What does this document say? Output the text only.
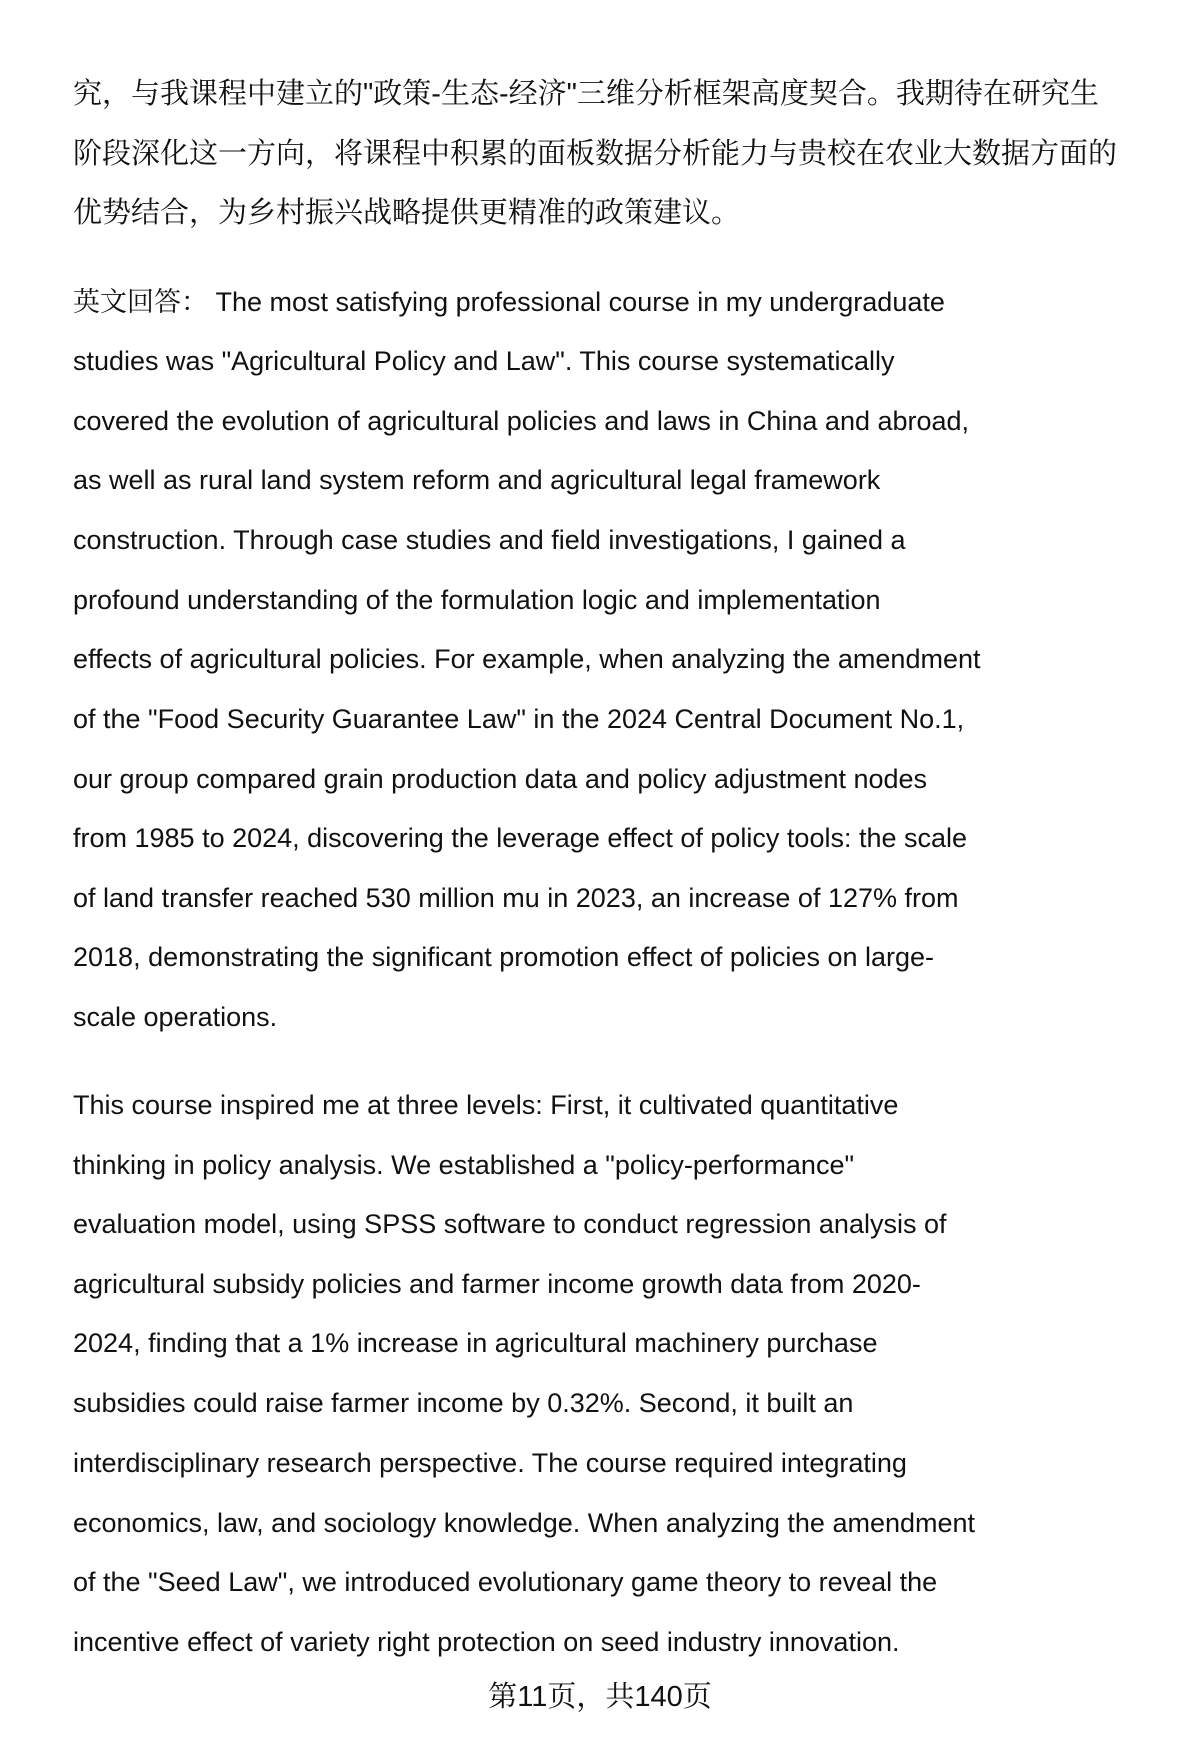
究，与我课程中建立的"政策-生态-经济"三维分析框架高度契合。我期待在研究生
阶段深化这一方向，将课程中积累的面板数据分析能力与贵校在农业大数据方面的
优势结合，为乡村振兴战略提供更精准的政策建议。
英文回答： The most satisfying professional course in my undergraduate
studies was "Agricultural Policy and Law". This course systematically
covered the evolution of agricultural policies and laws in China and abroad,
as well as rural land system reform and agricultural legal framework
construction. Through case studies and field investigations, I gained a
profound understanding of the formulation logic and implementation
effects of agricultural policies. For example, when analyzing the amendment
of the "Food Security Guarantee Law" in the 2024 Central Document No.1,
our group compared grain production data and policy adjustment nodes
from 1985 to 2024, discovering the leverage effect of policy tools: the scale
of land transfer reached 530 million mu in 2023, an increase of 127% from
2018, demonstrating the significant promotion effect of policies on large-
scale operations.
This course inspired me at three levels: First, it cultivated quantitative
thinking in policy analysis. We established a "policy-performance"
evaluation model, using SPSS software to conduct regression analysis of
agricultural subsidy policies and farmer income growth data from 2020-
2024, finding that a 1% increase in agricultural machinery purchase
subsidies could raise farmer income by 0.32%. Second, it built an
interdisciplinary research perspective. The course required integrating
economics, law, and sociology knowledge. When analyzing the amendment
of the "Seed Law", we introduced evolutionary game theory to reveal the
incentive effect of variety right protection on seed industry innovation.
第11页，共140页
